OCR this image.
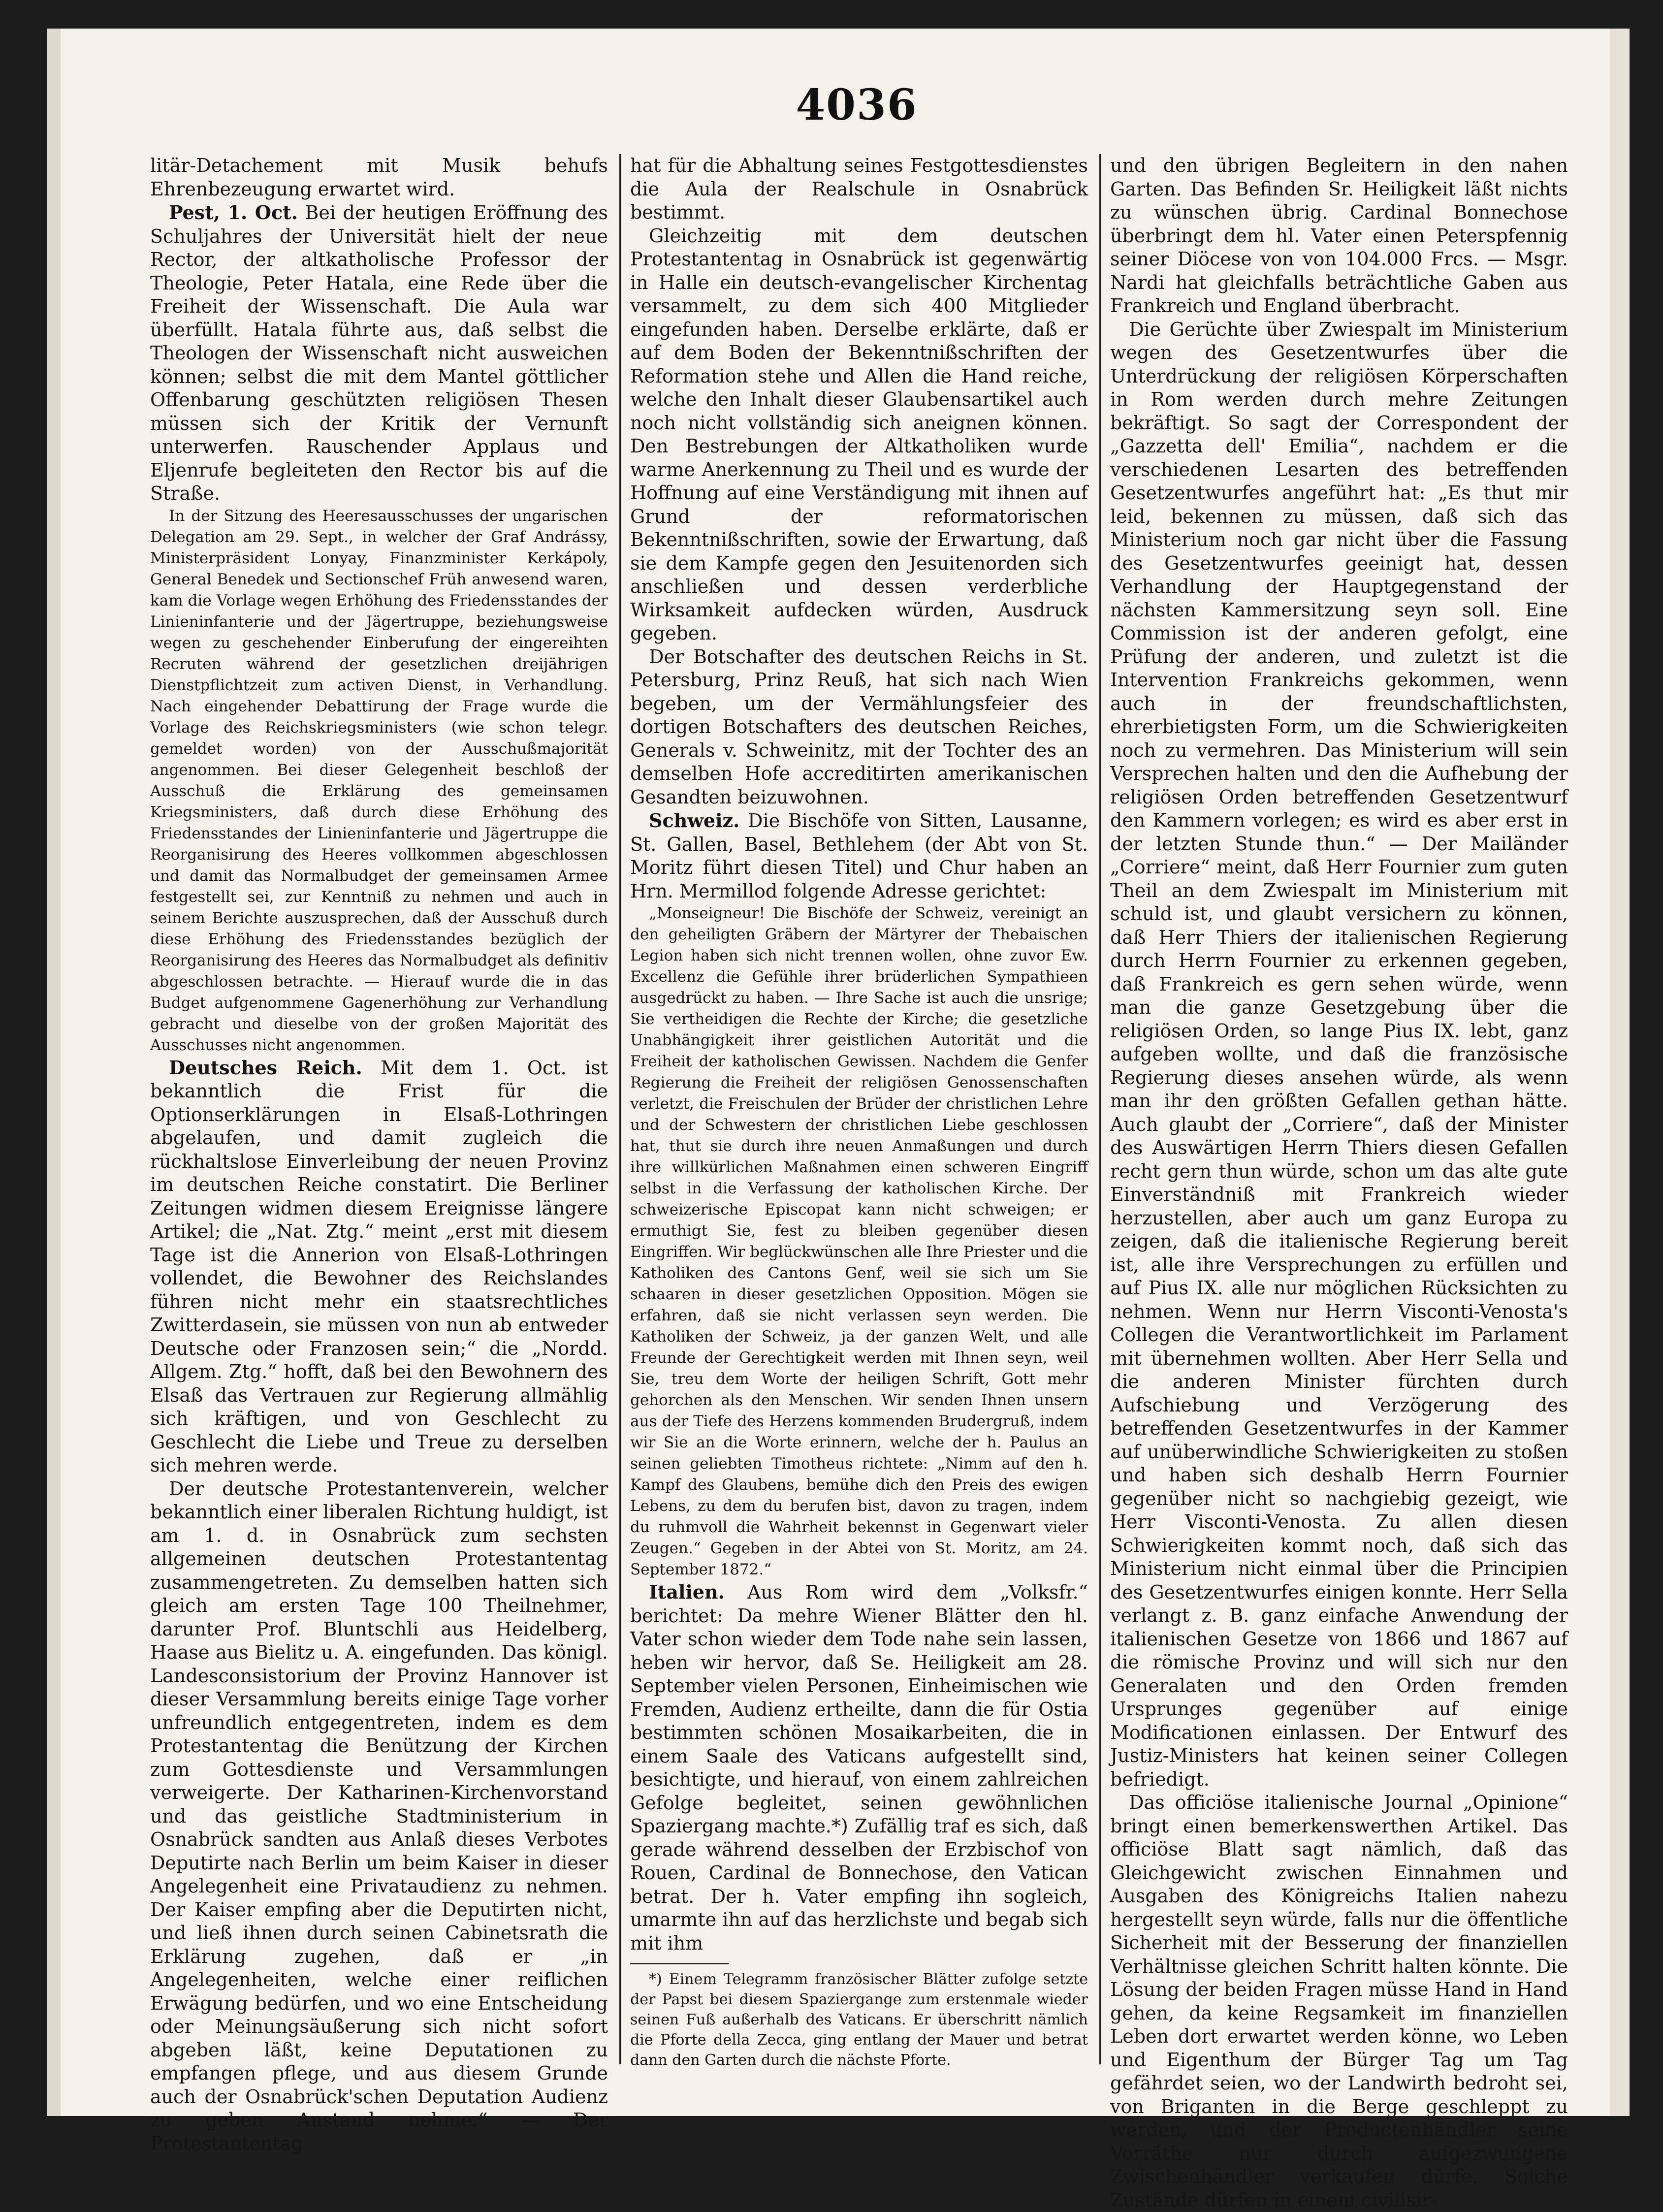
4036

litär-Detachement mit Musik behufs Ehrenbezeugung erwartet wird.

Pest, 1. Oct. Bei der heutigen Eröffnung des Schuljahres der Universität hielt der neue Rector, der altkatholische Professor der Theologie, Peter Hatala, eine Rede über die Freiheit der Wissenschaft. Die Aula war überfüllt. Hatala führte aus, daß selbst die Theologen der Wissenschaft nicht ausweichen können; selbst die mit dem Mantel göttlicher Offenbarung geschützten religiösen Thesen müssen sich der Kritik der Vernunft unterwerfen. Rauschender Applaus und Eljenrufe begleiteten den Rector bis auf die Straße.

In der Sitzung des Heeresausschusses der ungarischen Delegation am 29. Sept., in welcher der Graf Andrássy, Ministerpräsident Lonyay, Finanzminister Kerkápoly, General Benedek und Sectionschef Früh anwesend waren, kam die Vorlage wegen Erhöhung des Friedensstandes der Linieninfanterie und der Jägertruppe, beziehungsweise wegen zu geschehender Einberufung der eingereihten Recruten während der gesetzlichen dreijährigen Dienstpflichtzeit zum activen Dienst, in Verhandlung. Nach eingehender Debattirung der Frage wurde die Vorlage des Reichskriegsministers (wie schon telegr. gemeldet worden) von der Ausschußmajorität angenommen. Bei dieser Gelegenheit beschloß der Ausschuß die Erklärung des gemeinsamen Kriegsministers, daß durch diese Erhöhung des Friedensstandes der Linieninfanterie und Jägertruppe die Reorganisirung des Heeres vollkommen abgeschlossen und damit das Normalbudget der gemeinsamen Armee festgestellt sei, zur Kenntniß zu nehmen und auch in seinem Berichte auszusprechen, daß der Ausschuß durch diese Erhöhung des Friedensstandes bezüglich der Reorganisirung des Heeres das Normalbudget als definitiv abgeschlossen betrachte. — Hierauf wurde die in das Budget aufgenommene Gagenerhöhung zur Verhandlung gebracht und dieselbe von der großen Majorität des Ausschusses nicht angenommen.

Deutsches Reich. Mit dem 1. Oct. ist bekanntlich die Frist für die Optionserklärungen in Elsaß-Lothringen abgelaufen, und damit zugleich die rückhaltslose Einverleibung der neuen Provinz im deutschen Reiche constatirt. Die Berliner Zeitungen widmen diesem Ereignisse längere Artikel; die „Nat. Ztg.“ meint „erst mit diesem Tage ist die Annerion von Elsaß-Lothringen vollendet, die Bewohner des Reichslandes führen nicht mehr ein staatsrechtliches Zwitterdasein, sie müssen von nun ab entweder Deutsche oder Franzosen sein;“ die „Nordd. Allgem. Ztg.“ hofft, daß bei den Bewohnern des Elsaß das Vertrauen zur Regierung allmählig sich kräftigen, und von Geschlecht zu Geschlecht die Liebe und Treue zu derselben sich mehren werde.

Der deutsche Protestantenverein, welcher bekanntlich einer liberalen Richtung huldigt, ist am 1. d. in Osnabrück zum sechsten allgemeinen deutschen Protestantentag zusammengetreten. Zu demselben hatten sich gleich am ersten Tage 100 Theilnehmer, darunter Prof. Bluntschli aus Heidelberg, Haase aus Bielitz u. A. eingefunden. Das königl. Landesconsistorium der Provinz Hannover ist dieser Versammlung bereits einige Tage vorher unfreundlich entgegentreten, indem es dem Protestantentag die Benützung der Kirchen zum Gottesdienste und Versammlungen verweigerte. Der Katharinen-Kirchenvorstand und das geistliche Stadtministerium in Osnabrück sandten aus Anlaß dieses Verbotes Deputirte nach Berlin um beim Kaiser in dieser Angelegenheit eine Privataudienz zu nehmen. Der Kaiser empfing aber die Deputirten nicht, und ließ ihnen durch seinen Cabinetsrath die Erklärung zugehen, daß er „in Angelegenheiten, welche einer reiflichen Erwägung bedürfen, und wo eine Entscheidung oder Meinungsäußerung sich nicht sofort abgeben läßt, keine Deputationen zu empfangen pflege, und aus diesem Grunde auch der Osnabrück'schen Deputation Audienz zu geben Anstand nehme.“ — Der Protestantentag

hat für die Abhaltung seines Festgottesdienstes die Aula der Realschule in Osnabrück bestimmt.

Gleichzeitig mit dem deutschen Protestantentag in Osnabrück ist gegenwärtig in Halle ein deutsch-evangelischer Kirchentag versammelt, zu dem sich 400 Mitglieder eingefunden haben. Derselbe erklärte, daß er auf dem Boden der Bekenntnißschriften der Reformation stehe und Allen die Hand reiche, welche den Inhalt dieser Glaubensartikel auch noch nicht vollständig sich aneignen können. Den Bestrebungen der Altkatholiken wurde warme Anerkennung zu Theil und es wurde der Hoffnung auf eine Verständigung mit ihnen auf Grund der reformatorischen Bekenntnißschriften, sowie der Erwartung, daß sie dem Kampfe gegen den Jesuitenorden sich anschließen und dessen verderbliche Wirksamkeit aufdecken würden, Ausdruck gegeben.

Der Botschafter des deutschen Reichs in St. Petersburg, Prinz Reuß, hat sich nach Wien begeben, um der Vermählungsfeier des dortigen Botschafters des deutschen Reiches, Generals v. Schweinitz, mit der Tochter des an demselben Hofe accreditirten amerikanischen Gesandten beizuwohnen.

Schweiz. Die Bischöfe von Sitten, Lausanne, St. Gallen, Basel, Bethlehem (der Abt von St. Moritz führt diesen Titel) und Chur haben an Hrn. Mermillod folgende Adresse gerichtet:

„Monseigneur! Die Bischöfe der Schweiz, vereinigt an den geheiligten Gräbern der Märtyrer der Thebaischen Legion haben sich nicht trennen wollen, ohne zuvor Ew. Excellenz die Gefühle ihrer brüderlichen Sympathieen ausgedrückt zu haben. — Ihre Sache ist auch die unsrige; Sie vertheidigen die Rechte der Kirche; die gesetzliche Unabhängigkeit ihrer geistlichen Autorität und die Freiheit der katholischen Gewissen. Nachdem die Genfer Regierung die Freiheit der religiösen Genossenschaften verletzt, die Freischulen der Brüder der christlichen Lehre und der Schwestern der christlichen Liebe geschlossen hat, thut sie durch ihre neuen Anmaßungen und durch ihre willkürlichen Maßnahmen einen schweren Eingriff selbst in die Verfassung der katholischen Kirche. Der schweizerische Episcopat kann nicht schweigen; er ermuthigt Sie, fest zu bleiben gegenüber diesen Eingriffen. Wir beglückwünschen alle Ihre Priester und die Katholiken des Cantons Genf, weil sie sich um Sie schaaren in dieser gesetzlichen Opposition. Mögen sie erfahren, daß sie nicht verlassen seyn werden. Die Katholiken der Schweiz, ja der ganzen Welt, und alle Freunde der Gerechtigkeit werden mit Ihnen seyn, weil Sie, treu dem Worte der heiligen Schrift, Gott mehr gehorchen als den Menschen. Wir senden Ihnen unsern aus der Tiefe des Herzens kommenden Brudergruß, indem wir Sie an die Worte erinnern, welche der h. Paulus an seinen geliebten Timotheus richtete: „Nimm auf den h. Kampf des Glaubens, bemühe dich den Preis des ewigen Lebens, zu dem du berufen bist, davon zu tragen, indem du ruhmvoll die Wahrheit bekennst in Gegenwart vieler Zeugen.“ Gegeben in der Abtei von St. Moritz, am 24. September 1872.“

Italien. Aus Rom wird dem „Volksfr.“ berichtet: Da mehre Wiener Blätter den hl. Vater schon wieder dem Tode nahe sein lassen, heben wir hervor, daß Se. Heiligkeit am 28. September vielen Personen, Einheimischen wie Fremden, Audienz ertheilte, dann die für Ostia bestimmten schönen Mosaikarbeiten, die in einem Saale des Vaticans aufgestellt sind, besichtigte, und hierauf, von einem zahlreichen Gefolge begleitet, seinen gewöhnlichen Spaziergang machte.*) Zufällig traf es sich, daß gerade während desselben der Erzbischof von Rouen, Cardinal de Bonnechose, den Vatican betrat. Der h. Vater empfing ihn sogleich, umarmte ihn auf das herzlichste und begab sich mit ihm

*) Einem Telegramm französischer Blätter zufolge setzte der Papst bei diesem Spaziergange zum erstenmale wieder seinen Fuß außerhalb des Vaticans. Er überschritt nämlich die Pforte della Zecca, ging entlang der Mauer und betrat dann den Garten durch die nächste Pforte.

und den übrigen Begleitern in den nahen Garten. Das Befinden Sr. Heiligkeit läßt nichts zu wünschen übrig. Cardinal Bonnechose überbringt dem hl. Vater einen Peterspfennig seiner Diöcese von von 104.000 Frcs. — Msgr. Nardi hat gleichfalls beträchtliche Gaben aus Frankreich und England überbracht.

Die Gerüchte über Zwiespalt im Ministerium wegen des Gesetzentwurfes über die Unterdrückung der religiösen Körperschaften in Rom werden durch mehre Zeitungen bekräftigt. So sagt der Correspondent der „Gazzetta dell' Emilia“, nachdem er die verschiedenen Lesarten des betreffenden Gesetzentwurfes angeführt hat: „Es thut mir leid, bekennen zu müssen, daß sich das Ministerium noch gar nicht über die Fassung des Gesetzentwurfes geeinigt hat, dessen Verhandlung der Hauptgegenstand der nächsten Kammersitzung seyn soll. Eine Commission ist der anderen gefolgt, eine Prüfung der anderen, und zuletzt ist die Intervention Frankreichs gekommen, wenn auch in der freundschaftlichsten, ehrerbietigsten Form, um die Schwierigkeiten noch zu vermehren. Das Ministerium will sein Versprechen halten und den die Aufhebung der religiösen Orden betreffenden Gesetzentwurf den Kammern vorlegen; es wird es aber erst in der letzten Stunde thun.“ — Der Mailänder „Corriere“ meint, daß Herr Fournier zum guten Theil an dem Zwiespalt im Ministerium mit schuld ist, und glaubt versichern zu können, daß Herr Thiers der italienischen Regierung durch Herrn Fournier zu erkennen gegeben, daß Frankreich es gern sehen würde, wenn man die ganze Gesetzgebung über die religiösen Orden, so lange Pius IX. lebt, ganz aufgeben wollte, und daß die französische Regierung dieses ansehen würde, als wenn man ihr den größten Gefallen gethan hätte. Auch glaubt der „Corriere“, daß der Minister des Auswärtigen Herrn Thiers diesen Gefallen recht gern thun würde, schon um das alte gute Einverständniß mit Frankreich wieder herzustellen, aber auch um ganz Europa zu zeigen, daß die italienische Regierung bereit ist, alle ihre Versprechungen zu erfüllen und auf Pius IX. alle nur möglichen Rücksichten zu nehmen. Wenn nur Herrn Visconti-Venosta's Collegen die Verantwortlichkeit im Parlament mit übernehmen wollten. Aber Herr Sella und die anderen Minister fürchten durch Aufschiebung und Verzögerung des betreffenden Gesetzentwurfes in der Kammer auf unüberwindliche Schwierigkeiten zu stoßen und haben sich deshalb Herrn Fournier gegenüber nicht so nachgiebig gezeigt, wie Herr Visconti-Venosta. Zu allen diesen Schwierigkeiten kommt noch, daß sich das Ministerium nicht einmal über die Principien des Gesetzentwurfes einigen konnte. Herr Sella verlangt z. B. ganz einfache Anwendung der italienischen Gesetze von 1866 und 1867 auf die römische Provinz und will sich nur den Generalaten und den Orden fremden Ursprunges gegenüber auf einige Modificationen einlassen. Der Entwurf des Justiz-Ministers hat keinen seiner Collegen befriedigt.

Das officiöse italienische Journal „Opinione“ bringt einen bemerkenswerthen Artikel. Das officiöse Blatt sagt nämlich, daß das Gleichgewicht zwischen Einnahmen und Ausgaben des Königreichs Italien nahezu hergestellt seyn würde, falls nur die öffentliche Sicherheit mit der Besserung der finanziellen Verhältnisse gleichen Schritt halten könnte. Die Lösung der beiden Fragen müsse Hand in Hand gehen, da keine Regsamkeit im finanziellen Leben dort erwartet werden könne, wo Leben und Eigenthum der Bürger Tag um Tag gefährdet seien, wo der Landwirth bedroht sei, von Briganten in die Berge geschleppt zu werden, und der Productenhändler seine Vorräthe nur durch aufgezwungene Zwischenhändler verkaufen dürfe. Solche Zustände dürfen in einem civilisir-
